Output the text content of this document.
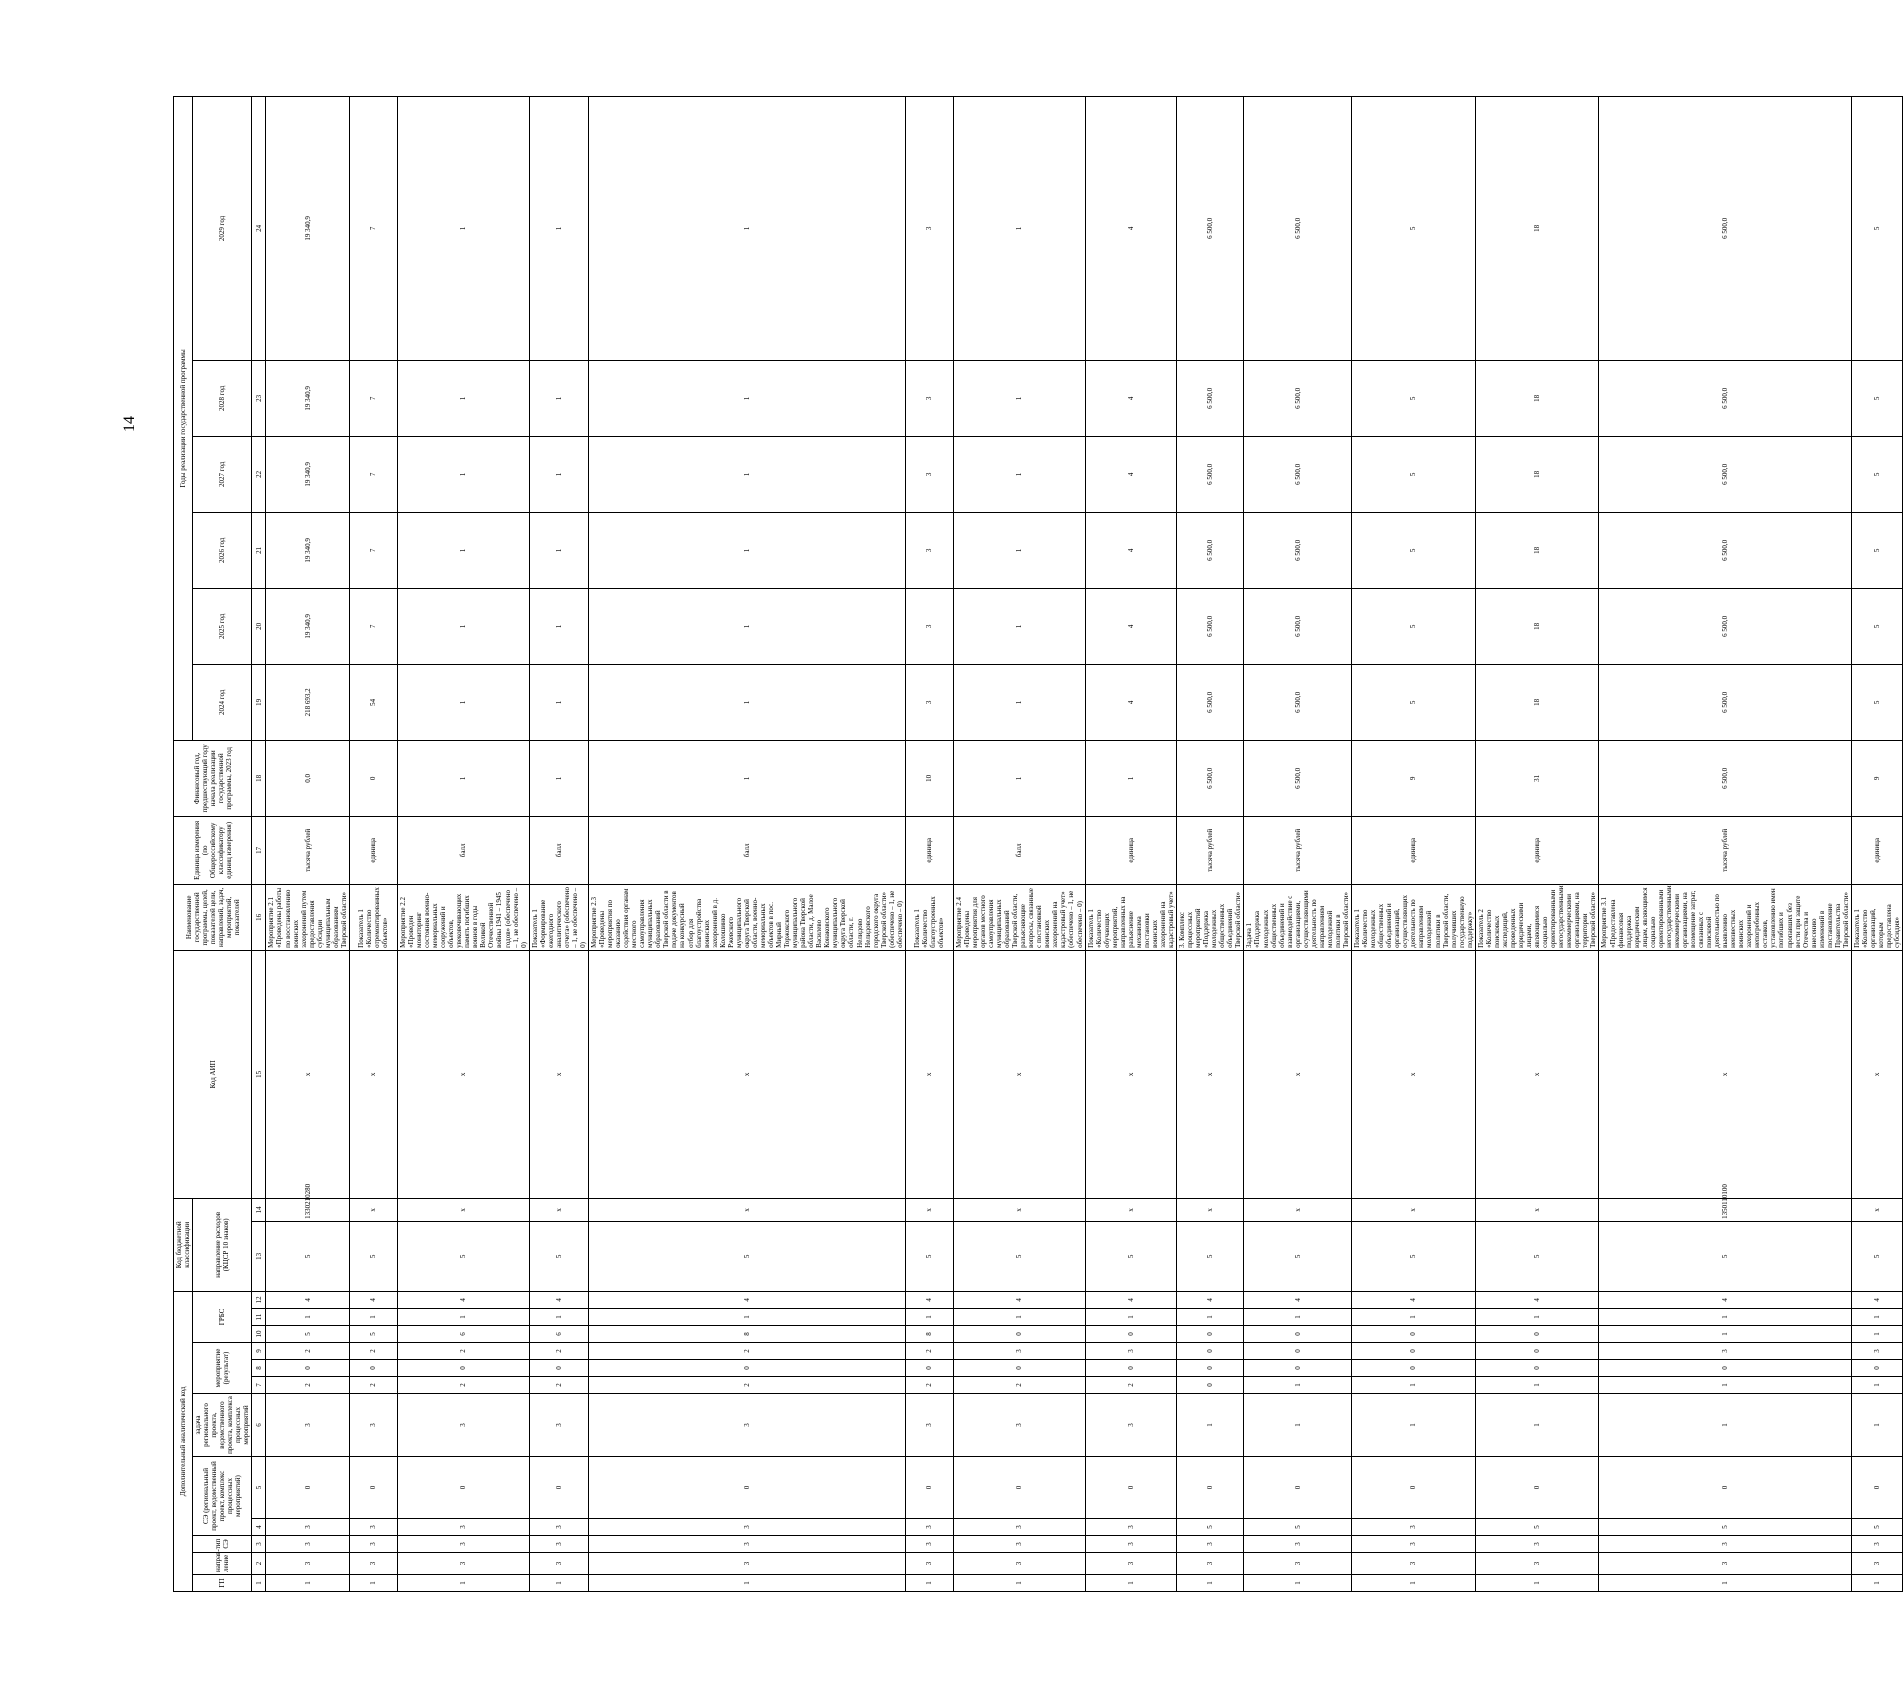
14
Дополнительный аналитический код												Код бюджетной классификации		Код АИП	Наименование государственной программы, целей, показателей цели, направлений, задач, мероприятий, показателей	Единица измерения (по Общероссийскому классификатору единиц измерения)	Финансовый год, предшествующий году начала реализации государственной программы, 2023 год	Годы реализации государственной программы					
ГП	направ-ление	тип СЭ	СЭ (региональный проект, ведомственный проект, комплекс процессных мероприятий)		задача регионального проекта, ведомственного проекта, комплекса процессных мероприятий	мероприятие (результат)			ГРБС			направление расходов (КЦСР 10 знаков)						2024 год	2025 год	2026 год	2027 год	2028 год	2029 год

1	2	3	4	5	6	7	8	9	10	11	12	13	14	15	16	17	18	19	20	21	22	23	24
1	3	3	3	0	3	2	0	2	5	1	4	5	1330210280	x	Мероприятие 2.1 «Проведены работы по восстановлению воинских захоронений путем предоставления субсидии муниципальным образованиям Тверской области»	тысяча рублей	0,0	218 693,2	19 340,9	19 340,9	19 340,9	19 340,9	19 340,9
1	3	3	3	0	3	2	0	2	5	1	4	5	x	x	Показатель 1 «Количество отремонтированных объектов»	единица	0	54	7	7	7	7	7
1	3	3	3	0	3	2	0	2	6	1	4	5	x	x	Мероприятие 2.2 «Проведен мониторинг состояния военно-мемориальных сооружений и объектов, увековечивающих память погибших воинов в годы Великой Отечественной войны 1941 – 1945 годов» (обеспечено – 1, не обеспечено – 0)	балл	1	1	1	1	1	1	1
1	3	3	3	0	3	2	0	2	6	1	4	5	x	x	Показатель 1 «Формирование ежегодного аналитического отчета» (обеспечено – 1, не обеспечено – 0)	балл	1	1	1	1	1	1	1
1	3	3	3	0	3	2	0	2	8	1	4	5	x	x	Мероприятие 2.3 «Проведены мероприятия по оказанию содействия органам местного самоуправления муниципальных образований Тверской области в подаче документов на конкурсный отбор для благоустройства воинских захоронений в д. Колошинко Ржевского муниципального округа Тверской области, военно-мемориальных объектов в пос. Мирный Торжокского муниципального района Тверской области, д. Малое Василево Конаковского муниципального округа Тверской области, г. Нелидово Нелидовского городского округа Тверской области» (обеспечено – 1, не обеспечено – 0)	балл	1	1	1	1	1	1	1
1	3	3	3	0	3	2	0	2	8	1	4	5	x	x	Показатель 1 «Количество благоустроенных объектов»	единица	10	3	3	3	3	3	3
1	3	3	3	0	3	2	0	3	0	1	4	5	x	x	Мероприятие 2.4 «Проведены мероприятия для органов местного самоуправления муниципальных образований Тверской области, разъясняющие вопросы, связанные с постановкой воинских захоронений на кадастровый учет» (обеспечено – 1, не обеспечено – 0)	балл	1	1	1	1	1	1	1
1	3	3	3	0	3	2	0	3	0	1	4	5	x	x	Показатель 1 «Количество обучающих мероприятий, направленных на разъяснение механизма постановки воинских захоронений на кадастровый учет»	единица	1	4	4	4	4	4	4
1	3	3	5	0	1	0	0	0	0	1	4	5	x	x	3. Комплекс процессных мероприятий «Поддержка молодежных общественных объединений Тверской области»	тысяча рублей	6 500,0	6 500,0	6 500,0	6 500,0	6 500,0	6 500,0	6 500,0
1	3	3	5	0	1	1	0	0	0	1	4	5	x	x	Задача 1 «Поддержка молодежных общественных объединений и взаимодействие с организациями, осуществляющими деятельность по направлениям молодежной политики в Тверской области»	тысяча рублей	6 500,0	6 500,0	6 500,0	6 500,0	6 500,0	6 500,0	6 500,0
1	3	3	3	0	1	1	0	0	0	1	4	5	x	x	Показатель 1 «Количество молодежных общественных объединений и организаций, осуществляющих деятельность по направлениям молодежной политики в Тверской области, получивших государственную поддержку»	единица	9	5	5	5	5	5	5
1	3	3	5	0	1	1	0	0	0	1	4	5	x	x	Показатель 2 «Количество поисковых экспедиций, проведенных юридическими лицами, являющимися социально ориентированными негосударственными некоммерческими организациями, на территории Тверской области»	единица	31	18	18	18	18	18	18
1	3	3	5	0	1	1	0	3	1	1	4	5	1350110100	x	Мероприятие 3.1 «Предоставлена финансовая поддержка юридическим лицам, являющимся социально ориентированными негосударственными некоммерческими организациями, на возмещение затрат, связанных с поисковой деятельностью по выявлению неизвестных воинских захоронений и непогребенных останков, установлению имен погибших и пропавших без вести при защите Отечества и внесению изменений в постановление Правительства Тверской области»	тысяча рублей	6 500,0	6 500,0	6 500,0	6 500,0	6 500,0	6 500,0	6 500,0
1	3	3	5	0	1	1	0	3	1	1	4	5	x	x	Показатель 1 «Количество организаций, которым предоставлена субсидия»	единица	9	5	5	5	5	5	5
